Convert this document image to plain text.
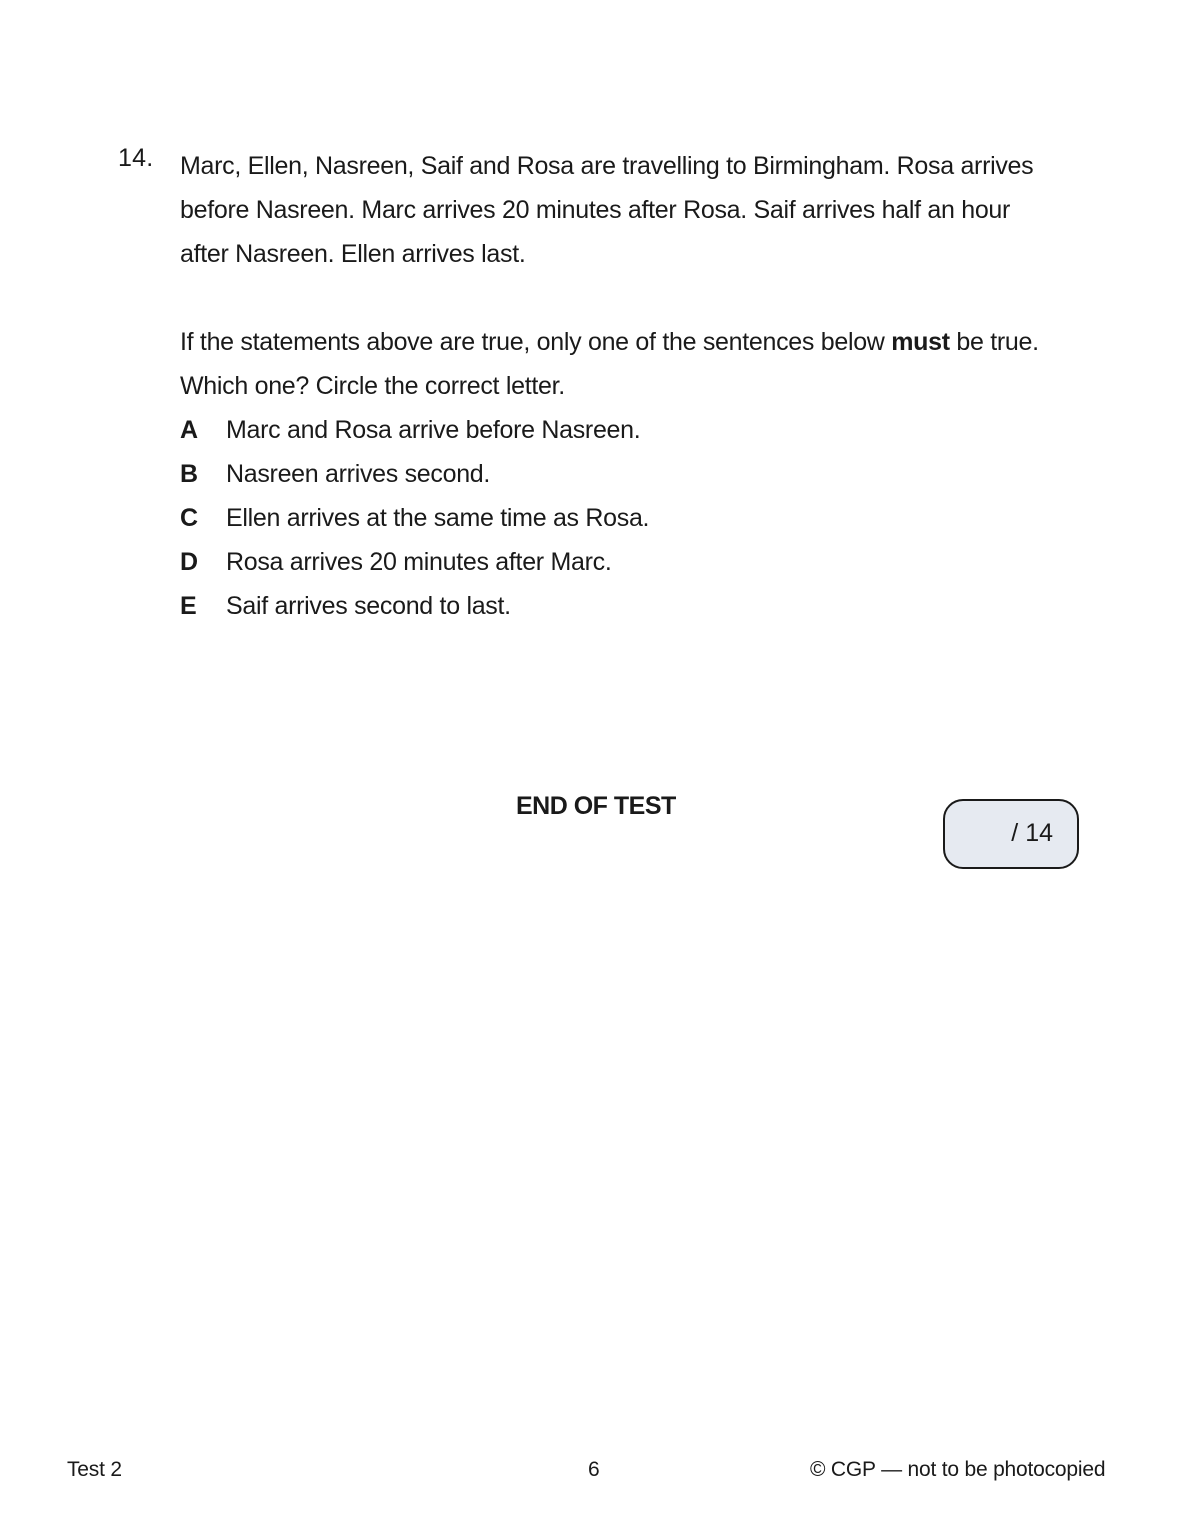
14. Marc, Ellen, Nasreen, Saif and Rosa are travelling to Birmingham. Rosa arrives

before Nasreen. Marc arrives 20 minutes after Rosa. Saif arrives half an hour

after Nasreen. Ellen arrives last.

If the statements above are true, only one of the sentences below must be true.

Which one? Circle the correct letter.

A	Marc and Rosa arrive before Nasreen.
B	Nasreen arrives second.
C	Ellen arrives at the same time as Rosa.
D	Rosa arrives 20 minutes after Marc.
E	Saif arrives second to last.
END OF TEST
/ 14
Test 2	6	© CGP — not to be photocopied
